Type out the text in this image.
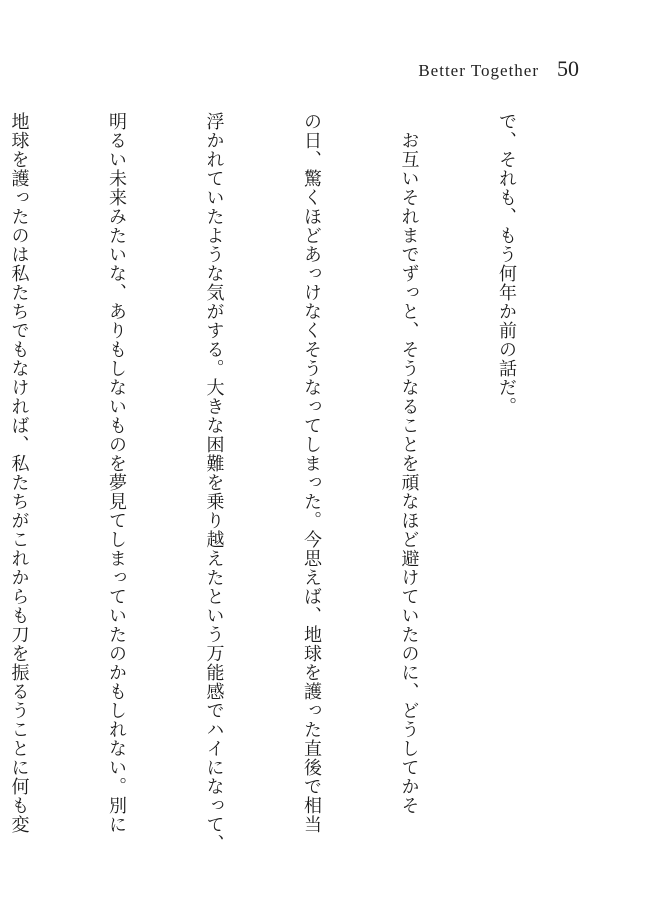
Better Together 50

で、それも、もう何年か前の話だ。

　お互いそれまでずっと、そうなることを頑なほど避けていたのに、どうしてかそ

の日、驚くほどあっけなくそうなってしまった。今思えば、地球を護った直後で相当

浮かれていたような気がする。大きな困難を乗り越えたという万能感でハイになって、

明るい未来みたいな、ありもしないものを夢見てしまっていたのかもしれない。別に

地球を護ったのは私たちでもなければ、私たちがこれからも刀を振るうことに何も変
